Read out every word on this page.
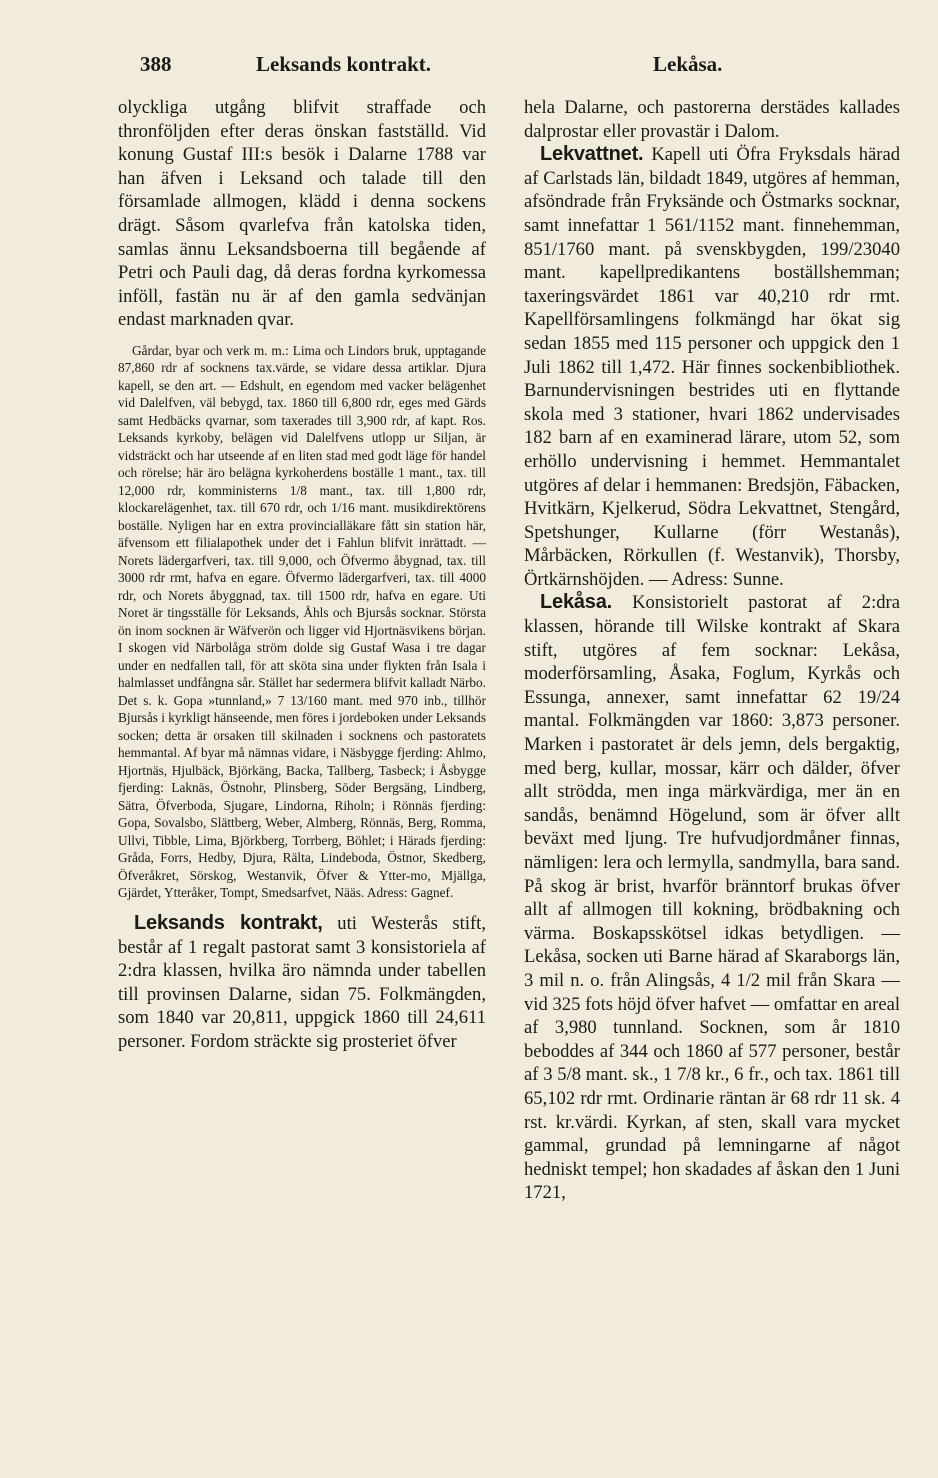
388	Leksands kontrakt.	Lekåsa.

olyckliga utgång blifvit straffade och thronföljden efter deras önskan fastställd. Vid konung Gustaf III:s besök i Dalarne 1788 var han äfven i Leksand och talade till den församlade allmogen, klädd i denna sockens drägt. Såsom qvarlefva från katolska tiden, samlas ännu Leksandsboerna till begående af Petri och Pauli dag, då deras fordna kyrkomessa inföll, fastän nu är af den gamla sedvänjan endast marknaden qvar.

Gårdar, byar och verk m. m.: Lima och Lindors bruk, upptagande 87,860 rdr af socknens tax.värde, se vidare dessa artiklar. Djura kapell, se den art. — Edshult, en egendom med vacker belägenhet vid Dalelfven, väl bebygd, tax. 1860 till 6,800 rdr, eges med Gärds samt Hedbäcks qvarnar, som taxerades till 3,900 rdr, af kapt. Ros. Leksands kyrkoby, belägen vid Dalelfvens utlopp ur Siljan, är vidsträckt och har utseende af en liten stad med godt läge för handel och rörelse; här äro belägna kyrkoherdens boställe 1 mant., tax. till 12,000 rdr, komministerns 1/8 mant., tax. till 1,800 rdr, klockarelägenhet, tax. till 670 rdr, och 1/16 mant. musikdirektörens boställe. Nyligen har en extra provincialläkare fått sin station här, äfvensom ett filialapothek under det i Fahlun blifvit inrättadt. — Norets lädergarfveri, tax. till 9,000, och Öfvermo åbygnad, tax. till 3000 rdr rmt, hafva en egare. Öfvermo lädergarfveri, tax. till 4000 rdr, och Norets åbyggnad, tax. till 1500 rdr, hafva en egare. Uti Noret är tingsställe för Leksands, Åhls och Bjursås socknar. Största ön inom socknen är Wäfverön och ligger vid Hjortnäsvikens början. I skogen vid Närbolåga ström dolde sig Gustaf Wasa i tre dagar under en nedfallen tall, för att sköta sina under flykten från Isala i halmlasset undfångna sår. Stället har sedermera blifvit kalladt Närbo. Det s. k. Gopa »tunnland,» 7 13/160 mant. med 970 inb., tillhör Bjursås i kyrkligt hänseende, men föres i jordeboken under Leksands socken; detta är orsaken till skilnaden i socknens och pastoratets hemmantal. Af byar må nämnas vidare, i Näsbygge fjerding: Ahlmo, Hjortnäs, Hjulbäck, Björkäng, Backa, Tallberg, Tasbeck; i Åsbygge fjerding: Laknäs, Östnohr, Plinsberg, Söder Bergsäng, Lindberg, Sätra, Öfverboda, Sjugare, Lindorna, Riholn; i Rönnäs fjerding: Gopa, Sovalsbo, Slättberg, Weber, Almberg, Rönnäs, Berg, Romma, Ullvi, Tibble, Lima, Björkberg, Torrberg, Böhlet; i Härads fjerding: Gråda, Forrs, Hedby, Djura, Rälta, Lindeboda, Östnor, Skedberg, Öfveråkret, Sörskog, Westanvik, Öfver & Ytter-mo, Mjällga, Gjärdet, Ytteråker, Tompt, Smedsarfvet, Nääs. Adress: Gagnef.

Leksands kontrakt, uti Westerås stift, består af 1 regalt pastorat samt 3 konsistoriela af 2:dra klassen, hvilka äro nämnda under tabellen till provinsen Dalarne, sidan 75. Folkmängden, som 1840 var 20,811, uppgick 1860 till 24,611 personer. Fordom sträckte sig prosteriet öfver

hela Dalarne, och pastorerna derstädes kallades dalprostar eller provastär i Dalom.

Lekvattnet. Kapell uti Öfra Fryksdals härad af Carlstads län, bildadt 1849, utgöres af hemman, afsöndrade från Fryksände och Östmarks socknar, samt innefattar 1 561/1152 mant. finnehemman, 851/1760 mant. på svenskbygden, 199/23040 mant. kapellpredikantens boställshemman; taxeringsvärdet 1861 var 40,210 rdr rmt. Kapellförsamlingens folkmängd har ökat sig sedan 1855 med 115 personer och uppgick den 1 Juli 1862 till 1,472. Här finnes sockenbibliothek. Barnundervisningen bestrides uti en flyttande skola med 3 stationer, hvari 1862 undervisades 182 barn af en examinerad lärare, utom 52, som erhöllo undervisning i hemmet. Hemmantalet utgöres af delar i hemmanen: Bredsjön, Fäbacken, Hvitkärn, Kjelkerud, Södra Lekvattnet, Stengård, Spetshunger, Kullarne (förr Westanås), Mårbäcken, Rörkullen (f. Westanvik), Thorsby, Örtkärnshöjden. — Adress: Sunne.

Lekåsa. Konsistorielt pastorat af 2:dra klassen, hörande till Wilske kontrakt af Skara stift, utgöres af fem socknar: Lekåsa, moderförsamling, Åsaka, Foglum, Kyrkås och Essunga, annexer, samt innefattar 62 19/24 mantal. Folkmängden var 1860: 3,873 personer. Marken i pastoratet är dels jemn, dels bergaktig, med berg, kullar, mossar, kärr och dälder, öfver allt strödda, men inga märkvärdiga, mer än en sandås, benämnd Högelund, som är öfver allt beväxt med ljung. Tre hufvudjordmåner finnas, nämligen: lera och lermylla, sandmylla, bara sand. På skog är brist, hvarför bränntorf brukas öfver allt af allmogen till kokning, brödbakning och värma. Boskapsskötsel idkas betydligen. — Lekåsa, socken uti Barne härad af Skaraborgs län, 3 mil n. o. från Alingsås, 4 1/2 mil från Skara — vid 325 fots höjd öfver hafvet — omfattar en areal af 3,980 tunnland. Socknen, som år 1810 beboddes af 344 och 1860 af 577 personer, består af 3 5/8 mant. sk., 1 7/8 kr., 6 fr., och tax. 1861 till 65,102 rdr rmt. Ordinarie räntan är 68 rdr 11 sk. 4 rst. kr.värdi. Kyrkan, af sten, skall vara mycket gammal, grundad på lemningarne af något hedniskt tempel; hon skadades af åskan den 1 Juni 1721,
